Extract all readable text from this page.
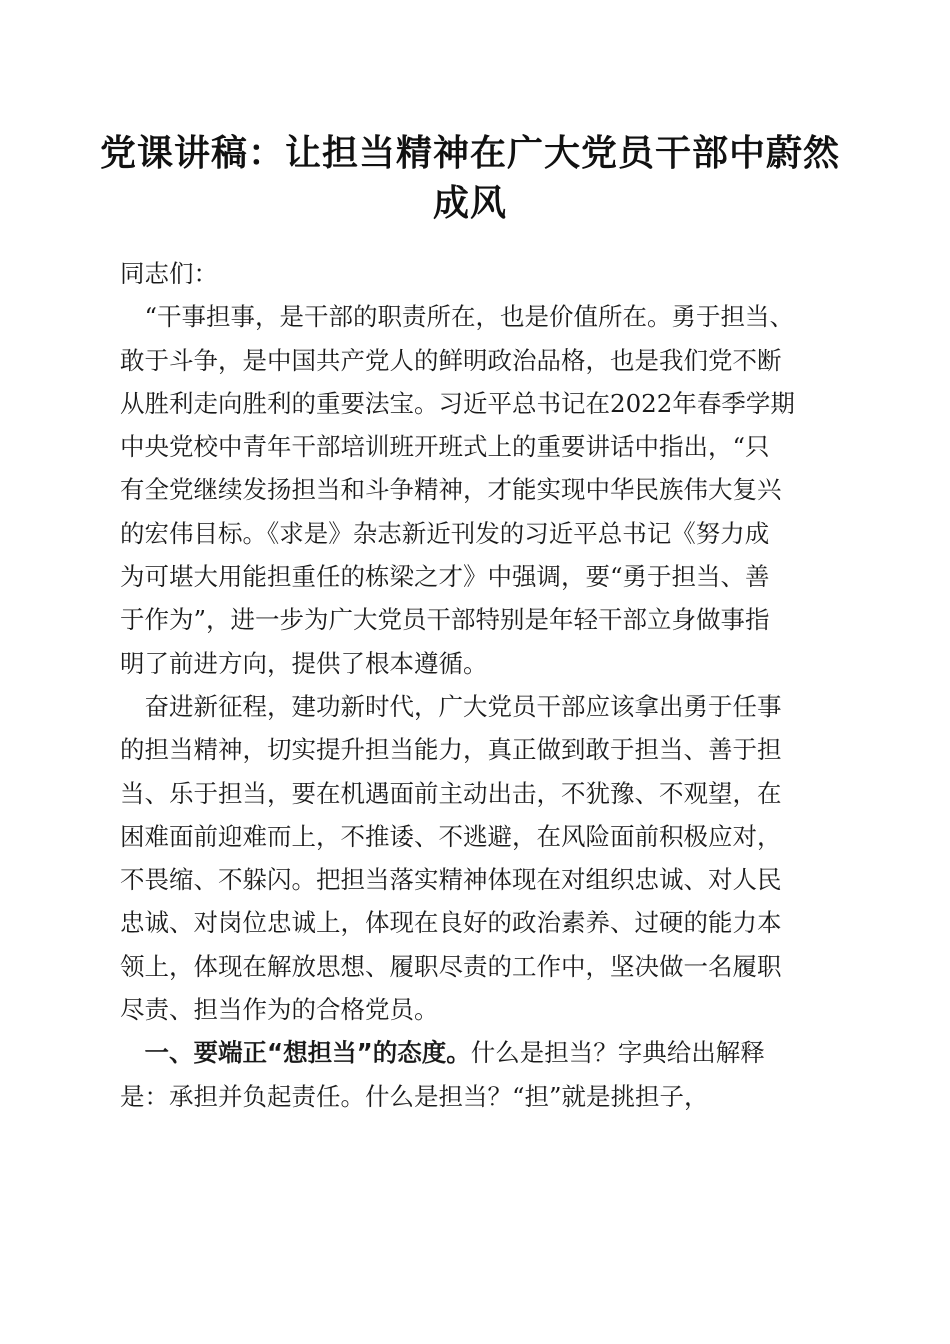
党课讲稿：让担当精神在广大党员干部中蔚然
成风
同志们：
　“干事担事，是干部的职责所在，也是价值所在。勇于担当、
敢于斗争，是中国共产党人的鲜明政治品格，也是我们党不断
从胜利走向胜利的重要法宝。习近平总书记在2022年春季学期
中央党校中青年干部培训班开班式上的重要讲话中指出，“只
有全党继续发扬担当和斗争精神，才能实现中华民族伟大复兴
的宏伟目标。《求是》杂志新近刊发的习近平总书记《努力成
为可堪大用能担重任的栋梁之才》中强调，要“勇于担当、善
于作为”，进一步为广大党员干部特别是年轻干部立身做事指
明了前进方向，提供了根本遵循。
　奋进新征程，建功新时代，广大党员干部应该拿出勇于任事
的担当精神，切实提升担当能力，真正做到敢于担当、善于担
当、乐于担当，要在机遇面前主动出击，不犹豫、不观望，在
困难面前迎难而上，不推诿、不逃避，在风险面前积极应对，
不畏缩、不躲闪。把担当落实精神体现在对组织忠诚、对人民
忠诚、对岗位忠诚上，体现在良好的政治素养、过硬的能力本
领上，体现在解放思想、履职尽责的工作中，坚决做一名履职
尽责、担当作为的合格党员。
　一、要端正“想担当”的态度。什么是担当？字典给出解释
是：承担并负起责任。什么是担当？“担”就是挑担子，
